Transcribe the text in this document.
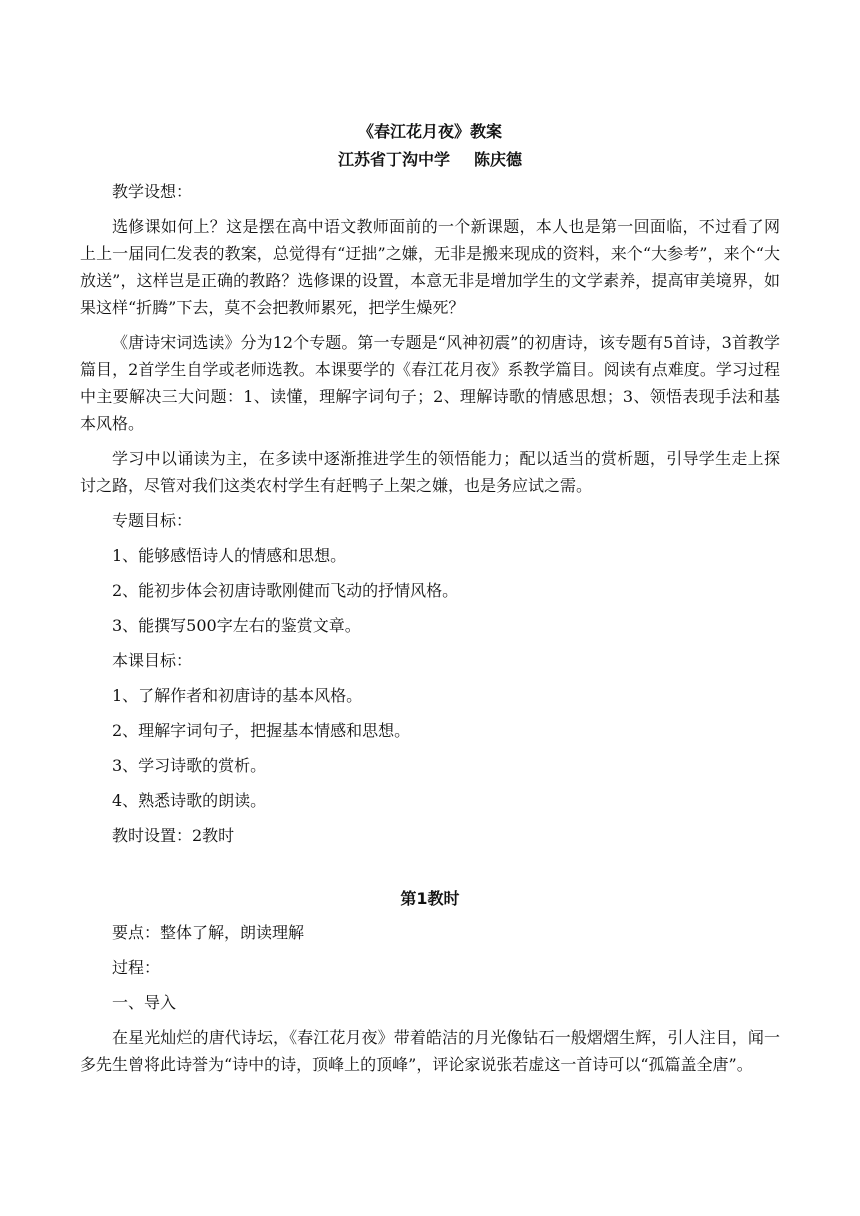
《春江花月夜》教案
江苏省丁沟中学 陈庆德

教学设想：

选修课如何上？这是摆在高中语文教师面前的一个新课题，本人也是第一回面临，不过看了网上上一届同仁发表的教案，总觉得有“迂拙”之嫌，无非是搬来现成的资料，来个“大参考”，来个“大放送”，这样岂是正确的教路？选修课的设置，本意无非是增加学生的文学素养，提高审美境界，如果这样“折腾”下去，莫不会把教师累死，把学生燥死？

《唐诗宋词选读》分为12个专题。第一专题是“风神初震”的初唐诗，该专题有5首诗，3首教学篇目，2首学生自学或老师选教。本课要学的《春江花月夜》系教学篇目。阅读有点难度。学习过程中主要解决三大问题：1、读懂，理解字词句子；2、理解诗歌的情感思想；3、领悟表现手法和基本风格。

学习中以诵读为主，在多读中逐渐推进学生的领悟能力；配以适当的赏析题，引导学生走上探讨之路，尽管对我们这类农村学生有赶鸭子上架之嫌，也是务应试之需。

专题目标：

1、能够感悟诗人的情感和思想。

2、能初步体会初唐诗歌刚健而飞动的抒情风格。

3、能撰写500字左右的鉴赏文章。

本课目标：

1、了解作者和初唐诗的基本风格。

2、理解字词句子，把握基本情感和思想。

3、学习诗歌的赏析。

4、熟悉诗歌的朗读。

教时设置：2教时

第1教时

要点：整体了解，朗读理解

过程：

一、导入

在星光灿烂的唐代诗坛，《春江花月夜》带着皓洁的月光像钻石一般熠熠生辉，引人注目，闻一多先生曾将此诗誉为“诗中的诗，顶峰上的顶峰”，评论家说张若虚这一首诗可以“孤篇盖全唐”。
